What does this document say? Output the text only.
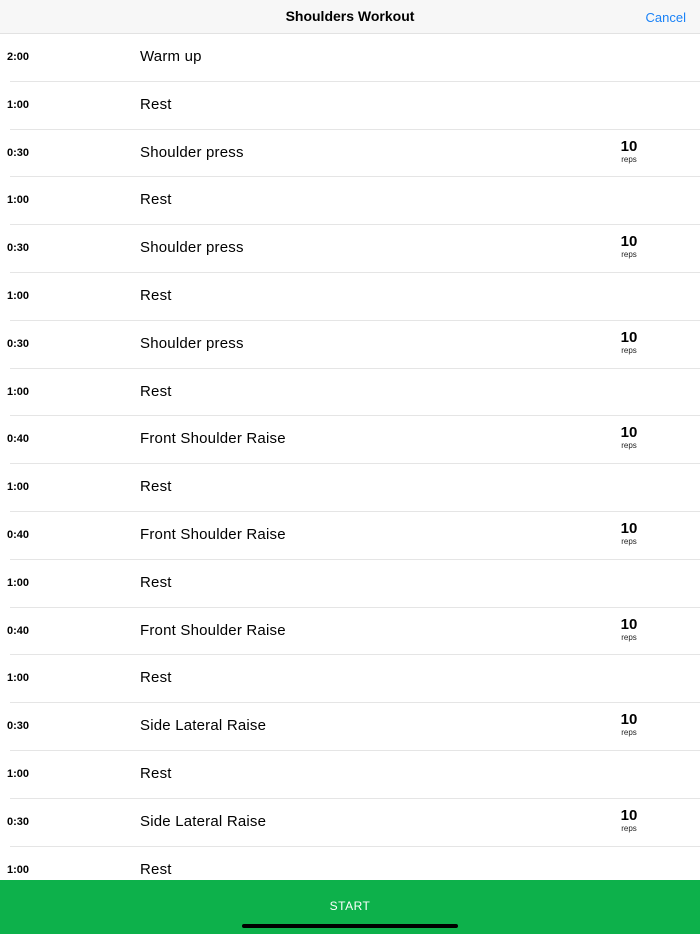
Shoulders Workout	Cancel
2:00	Warm up
1:00	Rest
0:30	Shoulder press	10
reps
1:00	Rest
0:30	Shoulder press	10
reps
1:00	Rest
0:30	Shoulder press	10
reps
1:00	Rest
0:40	Front Shoulder Raise	10
reps
1:00	Rest
0:40	Front Shoulder Raise	10
reps
1:00	Rest
0:40	Front Shoulder Raise	10
reps
1:00	Rest
0:30	Side Lateral Raise	10
reps
1:00	Rest
0:30	Side Lateral Raise	10
reps
1:00	Rest
START
